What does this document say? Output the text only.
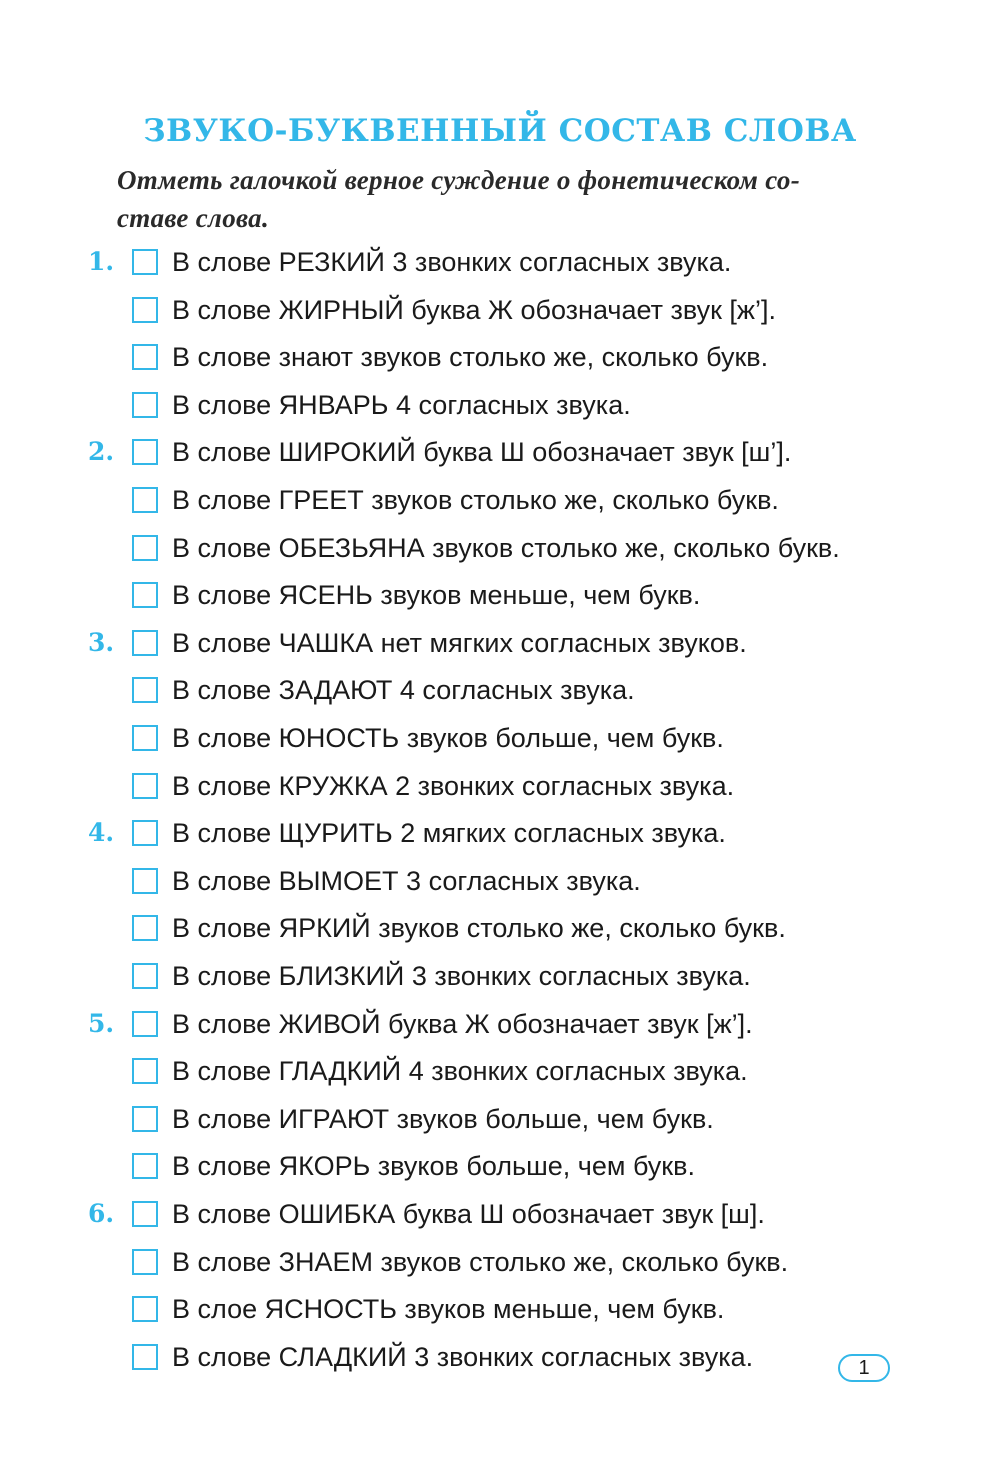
ЗВУКО-БУКВЕННЫЙ СОСТАВ СЛОВА
Отметь галочкой верное суждение о фонетическом со-
ставе слова.
1. В слове РЕЗКИЙ 3 звонких согласных звука.
В слове ЖИРНЫЙ буква Ж обозначает звук [ж’].
В слове знают звуков столько же, сколько букв.
В слове ЯНВАРЬ 4 согласных звука.
2. В слове ШИРОКИЙ буква Ш обозначает звук [ш’].
В слове ГРЕЕТ звуков столько же, сколько букв.
В слове ОБЕЗЬЯНА звуков столько же, сколько букв.
В слове ЯСЕНЬ звуков меньше, чем букв.
3. В слове ЧАШКА нет мягких согласных звуков.
В слове ЗАДАЮТ 4 согласных звука.
В слове ЮНОСТЬ звуков больше, чем букв.
В слове КРУЖКА 2 звонких согласных звука.
4. В слове ЩУРИТЬ 2 мягких согласных звука.
В слове ВЫМОЕТ 3 согласных звука.
В слове ЯРКИЙ звуков столько же, сколько букв.
В слове БЛИЗКИЙ 3 звонких согласных звука.
5. В слове ЖИВОЙ буква Ж обозначает звук [ж’].
В слове ГЛАДКИЙ 4 звонких согласных звука.
В слове ИГРАЮТ звуков больше, чем букв.
В слове ЯКОРЬ звуков больше, чем букв.
6. В слове ОШИБКА буква Ш обозначает звук [ш].
В слове ЗНАЕМ звуков столько же, сколько букв.
В слое ЯСНОСТЬ звуков меньше, чем букв.
В слове СЛАДКИЙ 3 звонких согласных звука.	1
